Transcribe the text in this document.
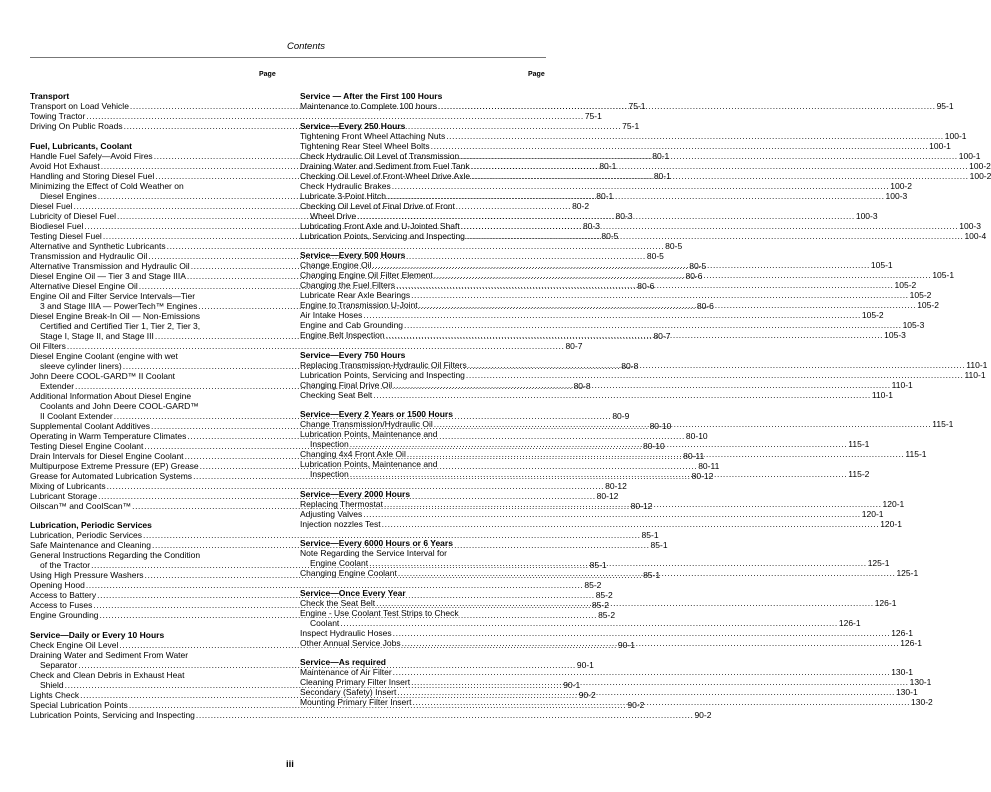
Contents
Page	Page
Transport
Transport on Load Vehicle .....	75-1
Towing Tractor .....	75-1
Driving On Public Roads .....	75-1
Fuel, Lubricants, Coolant
Handle Fuel Safely—Avoid Fires .....	80-1
Avoid Hot Exhaust .....	80-1
Handling and Storing Diesel Fuel .....	80-1
Minimizing the Effect of Cold Weather on
Diesel Engines .....	80-1
Diesel Fuel .....	80-2
Lubricity of Diesel Fuel .....	80-3
Biodiesel Fuel .....	80-3
Testing Diesel Fuel .....	80-5
Alternative and Synthetic Lubricants .....	80-5
Transmission and Hydraulic Oil .....	80-5
Alternative Transmission and Hydraulic Oil .....	80-5
Diesel Engine Oil — Tier 3 and Stage IIIA .....	80-6
Alternative Diesel Engine Oil .....	80-6
Engine Oil and Filter Service Intervals—Tier
3 and Stage IIIA — PowerTech™ Engines .....	80-6
Diesel Engine Break-In Oil — Non-Emissions
Certified and Certified Tier 1, Tier 2, Tier 3,
Stage I, Stage II, and Stage III .....	80-7
Oil Filters .....	80-7
Diesel Engine Coolant (engine with wet
sleeve cylinder liners) .....	80-8
John Deere COOL-GARD™ II Coolant
Extender .....	80-8
Additional Information About Diesel Engine
Coolants and John Deere COOL-GARD™
II Coolant Extender .....	80-9
Supplemental Coolant Additives .....	80-10
Operating in Warm Temperature Climates .....	80-10
Testing Diesel Engine Coolant .....	80-10
Drain Intervals for Diesel Engine Coolant .....	80-11
Multipurpose Extreme Pressure (EP) Grease .....	80-11
Grease for Automated Lubrication Systems .....	80-12
Mixing of Lubricants .....	80-12
Lubricant Storage .....	80-12
Oilscan™ and CoolScan™ .....	80-12
Lubrication, Periodic Services
Lubrication, Periodic Services .....	85-1
Safe Maintenance and Cleaning .....	85-1
General Instructions Regarding the Condition
of the Tractor .....	85-1
Using High Pressure Washers .....	85-1
Opening Hood .....	85-2
Access to Battery .....	85-2
Access to Fuses .....	85-2
Engine Grounding .....	85-2
Service—Daily or Every 10 Hours
Check Engine Oil Level .....	90-1
Draining Water and Sediment From Water
Separator .....	90-1
Check and Clean Debris in Exhaust Heat
Shield .....	90-1
Lights Check .....	90-2
Special Lubrication Points .....	90-2
Lubrication Points, Servicing and Inspecting .....	90-2
Service — After the First 100 Hours
Maintenance to Complete 100 hours .....	95-1
Service—Every 250 Hours
Tightening Front Wheel Attaching Nuts .....	100-1
Tightening Rear Steel Wheel Bolts .....	100-1
Check Hydraulic Oil Level of Transmission .....	100-1
Draining Water and Sediment from Fuel Tank .....	100-2
Checking Oil Level of Front-Wheel Drive Axle .....	100-2
Check Hydraulic Brakes .....	100-2
Lubricate 3-Point Hitch .....	100-3
Checking Oil Level of Final Drive of Front
Wheel Drive .....	100-3
Lubricating Front Axle and U-Jointed Shaft .....	100-3
Lubrication Points, Servicing and Inspecting .....	100-4
Service—Every 500 Hours
Change Engine Oil .....	105-1
Changing Engine Oil Filter Element .....	105-1
Changing the Fuel Filters .....	105-2
Lubricate Rear Axle Bearings .....	105-2
Engine to Transmission U-Joint .....	105-2
Air Intake Hoses .....	105-2
Engine and Cab Grounding .....	105-3
Engine Belt Inspection .....	105-3
Service—Every 750 Hours
Replacing Transmission-Hydraulic Oil Filters .....	110-1
Lubrication Points, Servicing and Inspecting .....	110-1
Changing Final Drive Oil .....	110-1
Checking Seat Belt .....	110-1
Service—Every 2 Years or 1500 Hours
Change Transmission/Hydraulic Oil .....	115-1
Lubrication Points, Maintenance and
Inspection .....	115-1
Changing 4x4 Front Axle Oil .....	115-1
Lubrication Points, Maintenance and
Inspection .....	115-2
Service—Every 2000 Hours
Replacing Thermostat .....	120-1
Adjusting Valves .....	120-1
Injection nozzles Test .....	120-1
Service—Every 6000 Hours or 6 Years
Note Regarding the Service Interval for
Engine Coolant .....	125-1
Changing Engine Coolant .....	125-1
Service—Once Every Year
Check the Seat Belt .....	126-1
Engine - Use Coolant Test Strips to Check
Coolant .....	126-1
Inspect Hydraulic Hoses .....	126-1
Other Annual Service Jobs .....	126-1
Service—As required
Maintenance of Air Filter .....	130-1
Cleaning Primary Filter Insert .....	130-1
Secondary (Safety) Insert .....	130-1
Mounting Primary Filter Insert .....	130-2
iii
